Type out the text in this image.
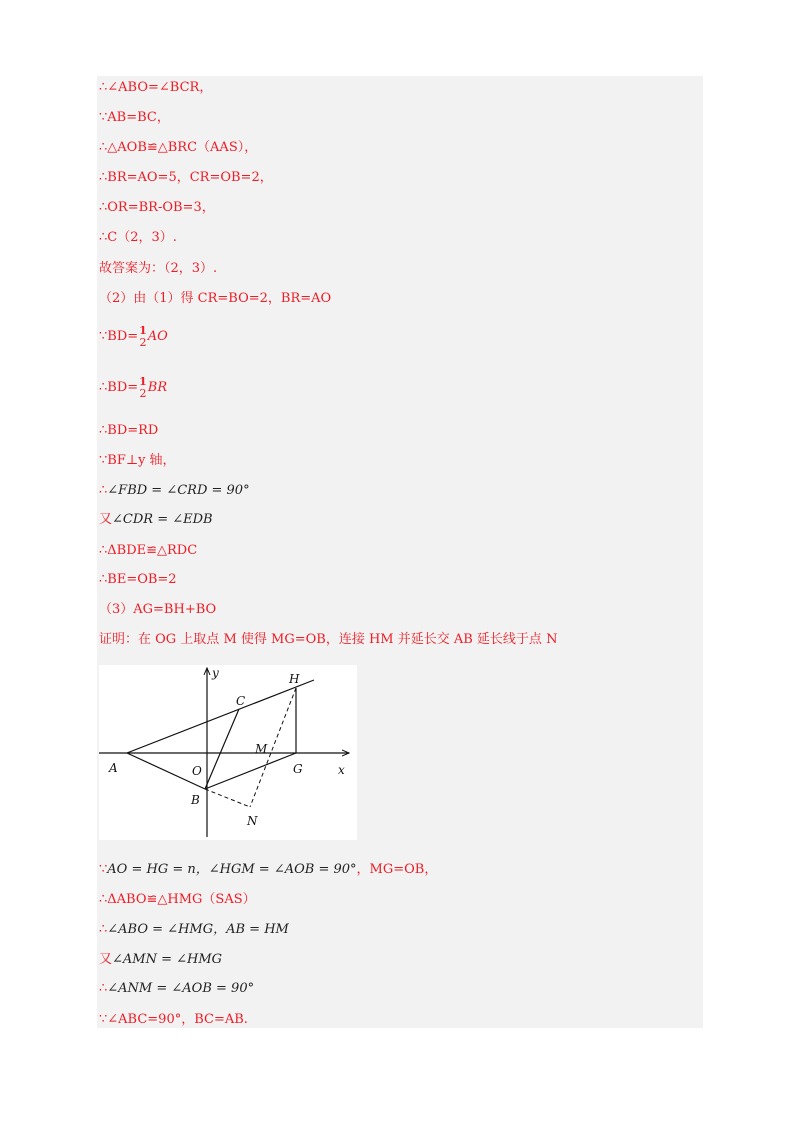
∴∠ABO=∠BCR，
∵AB=BC，
∴△AOB≌△BRC（AAS），
∴BR=AO=5，CR=OB=2，
∴OR=BR-OB=3，
∴C（2，3）.
故答案为：（2，3）.
（2）由（1）得 CR=BO=2，BR=AO
∵BD= 1
2 AO
∴BD= 1
2 BR
∴BD=RD
∵BF⊥y 轴，
∴∠FBD = ∠CRD = 90°
又∠CDR = ∠EDB
∴ΔBDE≌△RDC
∴BE=OB=2
（3）AG=BH+BO
证明：在 OG 上取点 M 使得 MG=OB，连接 HM 并延长交 AB 延长线于点 N
y
x
H
C
M
A	O	G
B
N
∵AO = HG = n，∠HGM = ∠AOB = 90°，MG=OB，
∴ΔABO≌△HMG（SAS）
∴∠ABO = ∠HMG，AB = HM
又∠AMN = ∠HMG
∴∠ANM = ∠AOB = 90°
∵∠ABC=90°，BC=AB.
